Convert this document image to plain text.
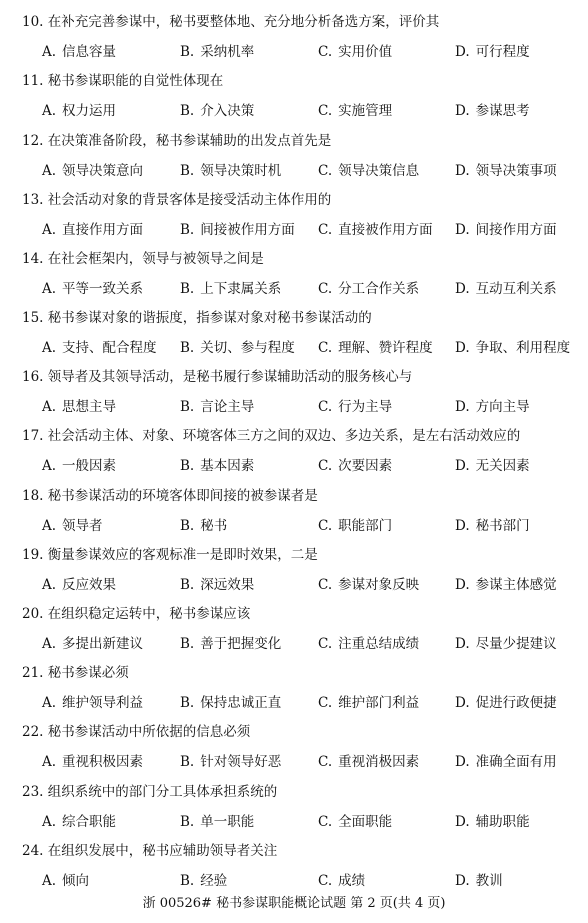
10. 在补充完善参谋中，秘书要整体地、充分地分析备选方案，评价其
A. 信息容量	B. 采纳机率	C. 实用价值	D. 可行程度
11. 秘书参谋职能的自觉性体现在
A. 权力运用	B. 介入决策	C. 实施管理	D. 参谋思考
12. 在决策准备阶段，秘书参谋辅助的出发点首先是
A. 领导决策意向	B. 领导决策时机	C. 领导决策信息	D. 领导决策事项
13. 社会活动对象的背景客体是接受活动主体作用的
A. 直接作用方面	B. 间接被作用方面 C. 直接被作用方面 D. 间接作用方面
14. 在社会框架内，领导与被领导之间是
A. 平等一致关系	B. 上下隶属关系	C. 分工合作关系	D. 互动互利关系
15. 秘书参谋对象的谐振度，指参谋对象对秘书参谋活动的
A. 支持、配合程度 B. 关切、参与程度 C. 理解、赞许程度 D. 争取、利用程度
16. 领导者及其领导活动，是秘书履行参谋辅助活动的服务核心与
A. 思想主导	B. 言论主导	C. 行为主导	D. 方向主导
17. 社会活动主体、对象、环境客体三方之间的双边、多边关系，是左右活动效应的
A. 一般因素	B. 基本因素	C. 次要因素	D. 无关因素
18. 秘书参谋活动的环境客体即间接的被参谋者是
A. 领导者	B. 秘书	C. 职能部门	D. 秘书部门
19. 衡量参谋效应的客观标准一是即时效果，二是
A. 反应效果	B. 深远效果	C. 参谋对象反映	D. 参谋主体感觉
20. 在组织稳定运转中，秘书参谋应该
A. 多提出新建议	B. 善于把握变化	C. 注重总结成绩	D. 尽量少提建议
21. 秘书参谋必须
A. 维护领导利益	B. 保持忠诚正直	C. 维护部门利益	D. 促进行政便捷
22. 秘书参谋活动中所依据的信息必须
A. 重视积极因素	B. 针对领导好恶	C. 重视消极因素	D. 准确全面有用
23. 组织系统中的部门分工具体承担系统的
A. 综合职能	B. 单一职能	C. 全面职能	D. 辅助职能
24. 在组织发展中，秘书应辅助领导者关注
A. 倾向	B. 经验	C. 成绩	D. 教训
浙 00526# 秘书参谋职能概论试题 第 2 页(共 4 页)
